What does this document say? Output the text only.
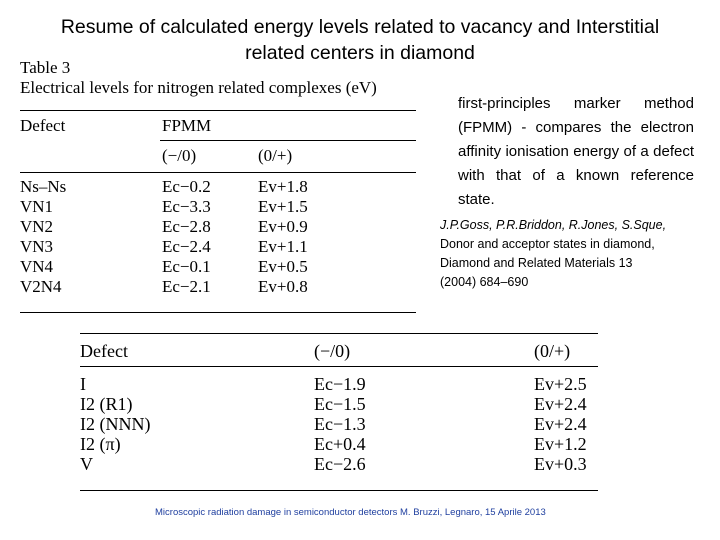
Resume of calculated energy levels related to vacancy and Interstitial
related centers in diamond
Table 3
Electrical levels for nitrogen related complexes (eV)
Defect	FPMM
(−/0)	(0/+)
Ns–Ns	Ec−0.2	Ev+1.8
VN1	Ec−3.3	Ev+1.5
VN2	Ec−2.8	Ev+0.9
VN3	Ec−2.4	Ev+1.1
VN4	Ec−0.1	Ev+0.5
V2N4	Ec−2.1	Ev+0.8
first-principles marker method (FPMM) - compares the electron affinity ionisation energy of a defect with that of a known reference state.
J.P.Goss, P.R.Briddon, R.Jones, S.Sque,
Donor and acceptor states in diamond,
Diamond and Related Materials 13
(2004) 684–690
Defect	(−/0)	(0/+)
I	Ec−1.9	Ev+2.5
I2 (R1)	Ec−1.5	Ev+2.4
I2 (NNN)	Ec−1.3	Ev+2.4
I2 (π)	Ec+0.4	Ev+1.2
V	Ec−2.6	Ev+0.3
Microscopic radiation damage in semiconductor detectors M. Bruzzi, Legnaro, 15 Aprile 2013
